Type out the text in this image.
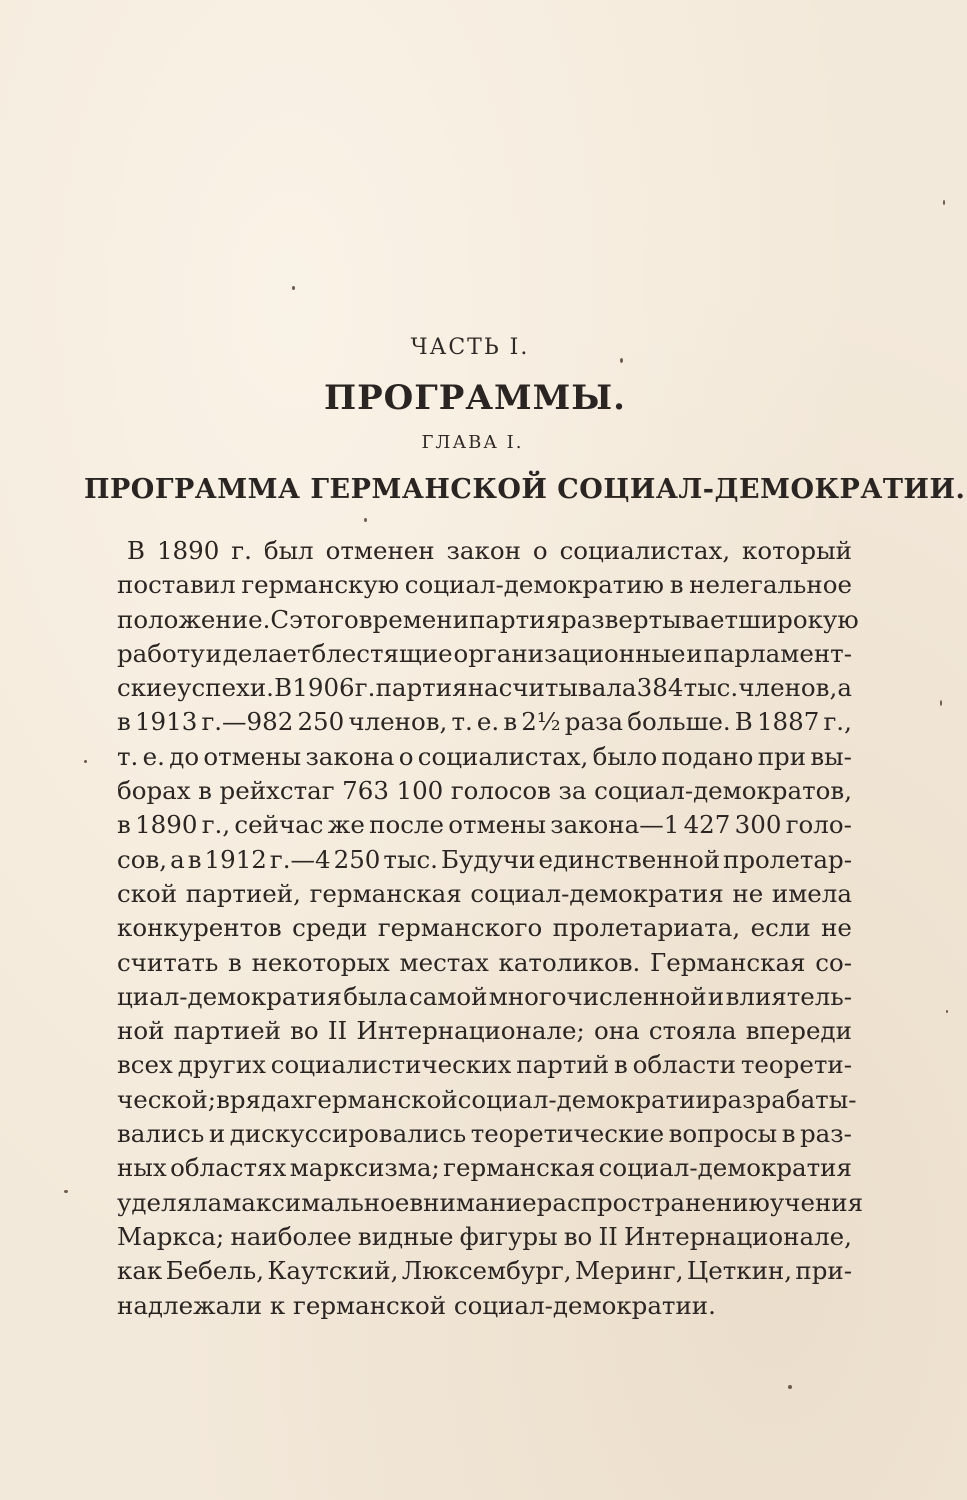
ЧАСТЬ I.
ПРОГРАММЫ.
ГЛАВА I.
ПРОГРАММА ГЕРМАНСКОЙ СОЦИАЛ-ДЕМОКРАТИИ.
В 1890 г. был отменен закон о социалистах, который
поставил германскую социал-демократию в нелегальное
положение. С этого времени партия развертывает широкую
работу и делает блестящие организационные и парламент-
ские успехи. В 1906 г. партия насчитывала 384 тыс. членов, а
в 1913 г.—982 250 членов, т. е. в 2½ раза больше. В 1887 г.,
т. е. до отмены закона о социалистах, было подано при вы-
борах в рейхстаг 763 100 голосов за социал-демократов,
в 1890 г., сейчас же после отмены закона—1 427 300 голо-
сов, а в 1912 г.—4 250 тыс. Будучи единственной пролетар-
ской партией, германская социал-демократия не имела
конкурентов среди германского пролетариата, если не
считать в некоторых местах католиков. Германская со-
циал-демократия была самой многочисленной и влиятель-
ной партией во II Интернационале; она стояла впереди
всех других социалистических партий в области теорети-
ческой; в рядах германской социал-демократии разрабаты-
вались и дискуссировались теоретические вопросы в раз-
ных областях марксизма; германская социал-демократия
уделяла максимальное внимание распространению учения
Маркса; наиболее видные фигуры во II Интернационале,
как Бебель, Каутский, Люксембург, Меринг, Цеткин, при-
надлежали к германской социал-демократии.
